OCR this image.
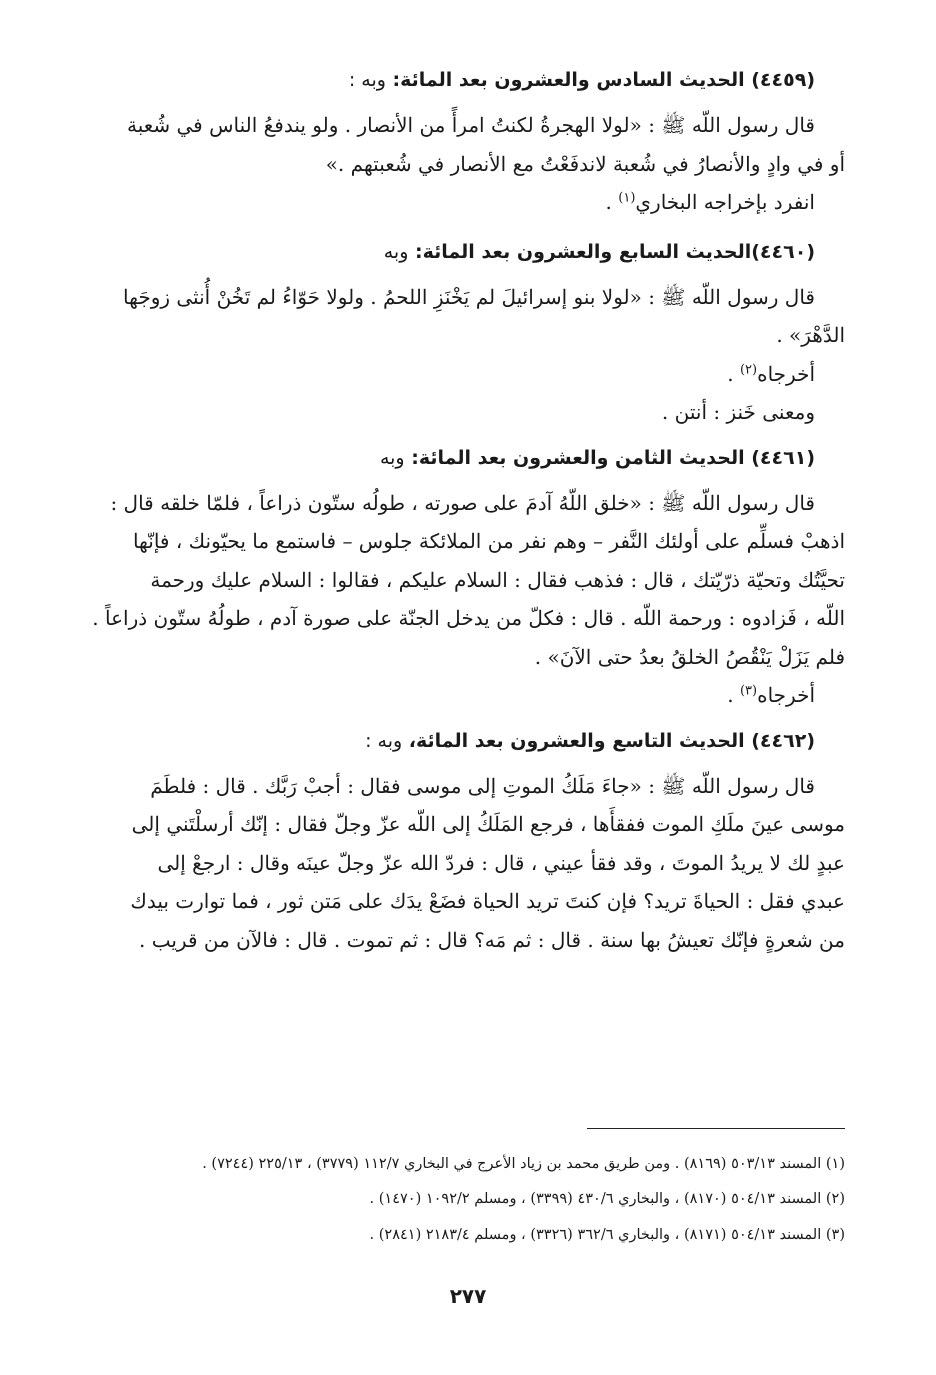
(٤٤٥٩) الحديث السادس والعشرون بعد المائة: وبه :

قال رسول اللّه ﷺ : «لولا الهجرةُ لكنتُ امرأً من الأنصار . ولو يندفعُ الناس في شُعبة
أو في وادٍ والأنصارُ في شُعبة لاندفَعْتُ مع الأنصار في شُعبتهم .»

انفرد بإخراجه البخاري$^{(١)}$ .

(٤٤٦٠)الحديث السابع والعشرون بعد المائة: وبه

قال رسول اللّه ﷺ : «لولا بنو إسرائيلَ لم يَخْنَزِ اللحمُ . ولولا حَوّاءُ لم تَخُنْ أُنثى زوجَها
الدَّهْرَ» .

أخرجاه$^{(٢)}$ .

ومعنى خَنز : أنتن .

(٤٤٦١) الحديث الثامن والعشرون بعد المائة: وبه

قال رسول اللّه ﷺ : «خلق اللّهُ آدمَ على صورته ، طولُه ستّون ذراعاً ، فلمّا خلقه قال :
اذهبْ فسلِّم على أولئك النَّفر – وهم نفر من الملائكة جلوس – فاستمع ما يحيّونك ، فإنّها
تحيَّتُك وتحيّة ذرّيّتك ، قال : فذهب فقال : السلام عليكم ، فقالوا : السلام عليك ورحمة
اللّه ، فَزادوه : ورحمة اللّه . قال : فكلّ من يدخل الجنّة على صورة آدم ، طولُهُ ستّون ذراعاً .
فلم يَزَلْ يَنْقُصُ الخلقُ بعدُ حتى الآنَ» .

أخرجاه$^{(٣)}$ .

(٤٤٦٢) الحديث التاسع والعشرون بعد المائة، وبه :

قال رسول اللّه ﷺ : «جاءَ مَلَكُ الموتِ إلى موسى فقال : أجبْ رَبَّك . قال : فلطَمَ
موسى عينَ ملَكِ الموت ففقأَها ، فرجع المَلَكُ إلى اللّه عزّ وجلّ فقال : إنّك أرسلْتَني إلى
عبدٍ لك لا يريدُ الموتَ ، وقد فقأ عيني ، قال : فردّ الله عزّ وجلّ عينَه وقال : ارجعْ إلى
عبدي فقل : الحياةَ تريد؟ فإن كنتَ تريد الحياة فضَعْ يدَك على مَتن ثور ، فما توارت بيدك
من شعرةٍ فإنّك تعيشُ بها سنة . قال : ثم مَه؟ قال : ثم تموت . قال : فالآن من قريب .

(١) المسند ٥٠٣/١٣ (٨١٦٩) . ومن طريق محمد بن زياد الأعرج في البخاري ١١٢/٧ (٣٧٧٩) ، ٢٢٥/١٣ (٧٢٤٤) .
(٢) المسند ٥٠٤/١٣ (٨١٧٠) ، والبخاري ٤٣٠/٦ (٣٣٩٩) ، ومسلم ١٠٩٢/٢ (١٤٧٠) .
(٣) المسند ٥٠٤/١٣ (٨١٧١) ، والبخاري ٣٦٢/٦ (٣٣٢٦) ، ومسلم ٢١٨٣/٤ (٢٨٤١) .
٢٧٧
